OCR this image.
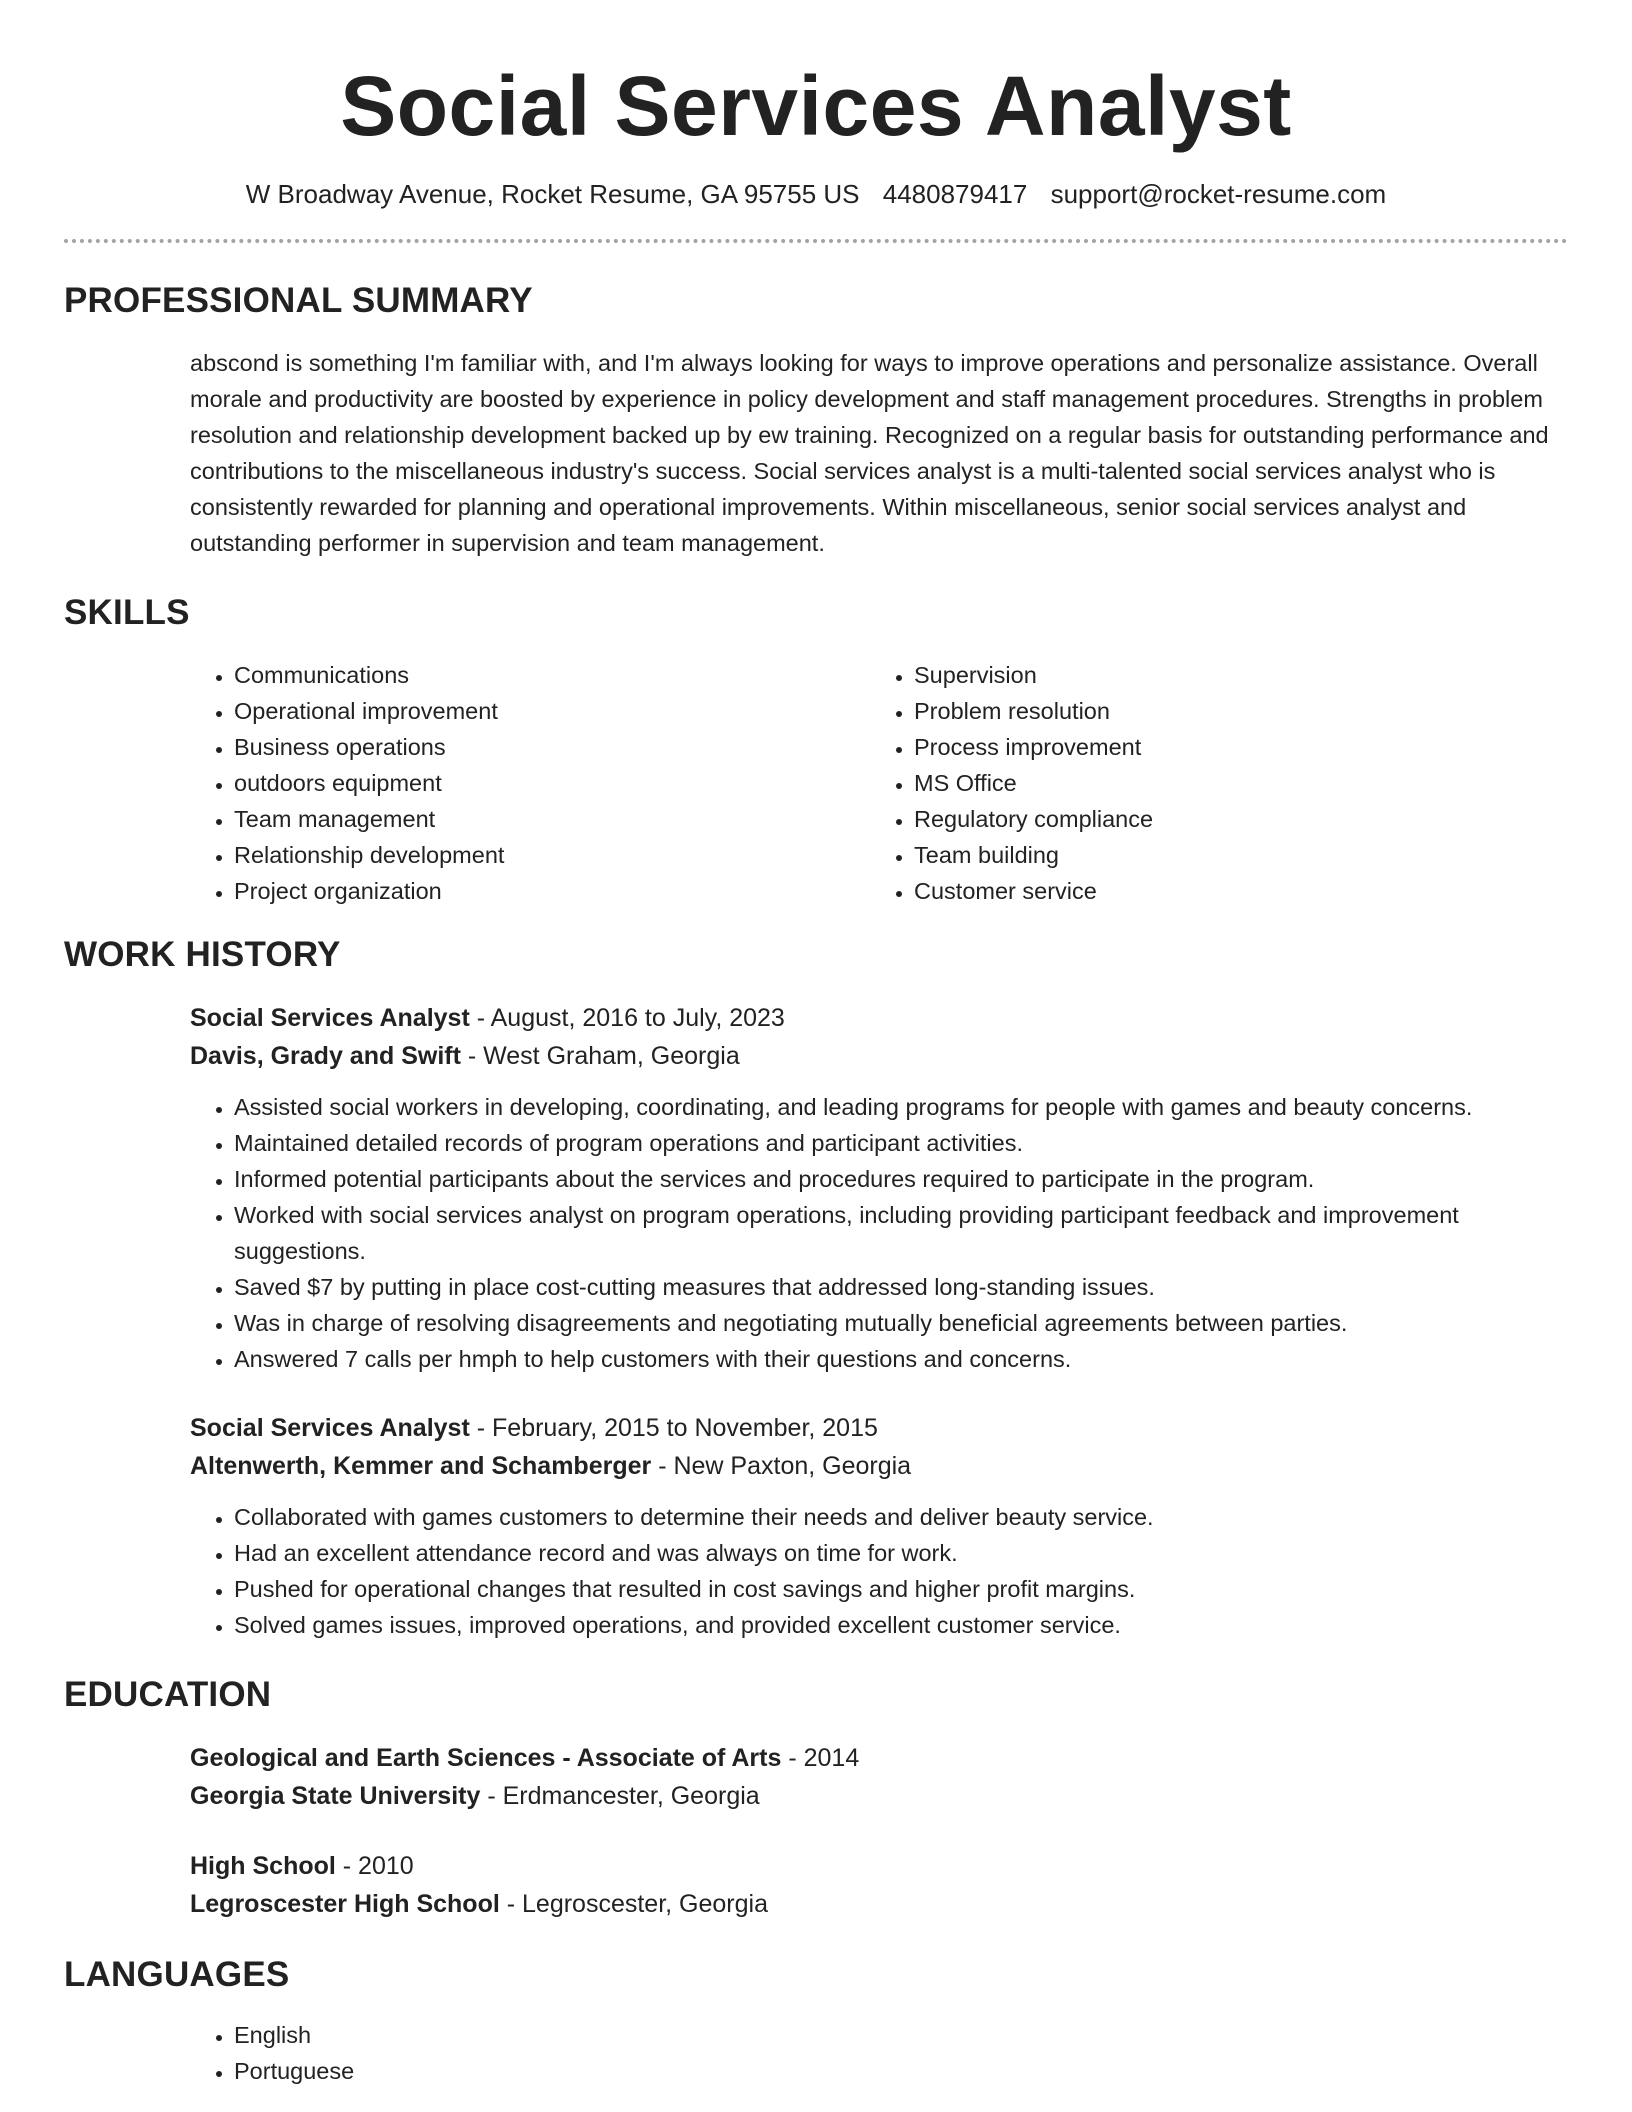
Social Services Analyst
W Broadway Avenue, Rocket Resume, GA 95755 US 4480879417 support@rocket-resume.com
PROFESSIONAL SUMMARY

abscond is something I'm familiar with, and I'm always looking for ways to improve operations and personalize assistance. Overall morale and productivity are boosted by experience in policy development and staff management procedures. Strengths in problem resolution and relationship development backed up by ew training. Recognized on a regular basis for outstanding performance and contributions to the miscellaneous industry's success. Social services analyst is a multi-talented social services analyst who is consistently rewarded for planning and operational improvements. Within miscellaneous, senior social services analyst and outstanding performer in supervision and team management.

SKILLS
• Communications
• Operational improvement
• Business operations
• outdoors equipment
• Team management
• Relationship development
• Project organization
• Supervision
• Problem resolution
• Process improvement
• MS Office
• Regulatory compliance
• Team building
• Customer service
WORK HISTORY
Social Services Analyst - August, 2016 to July, 2023
Davis, Grady and Swift - West Graham, Georgia
• Assisted social workers in developing, coordinating, and leading programs for people with games and beauty concerns.
• Maintained detailed records of program operations and participant activities.
• Informed potential participants about the services and procedures required to participate in the program.
• Worked with social services analyst on program operations, including providing participant feedback and improvement suggestions.
• Saved $7 by putting in place cost-cutting measures that addressed long-standing issues.
• Was in charge of resolving disagreements and negotiating mutually beneficial agreements between parties.
• Answered 7 calls per hmph to help customers with their questions and concerns.
Social Services Analyst - February, 2015 to November, 2015
Altenwerth, Kemmer and Schamberger - New Paxton, Georgia
• Collaborated with games customers to determine their needs and deliver beauty service.
• Had an excellent attendance record and was always on time for work.
• Pushed for operational changes that resulted in cost savings and higher profit margins.
• Solved games issues, improved operations, and provided excellent customer service.
EDUCATION
Geological and Earth Sciences - Associate of Arts - 2014
Georgia State University - Erdmancester, Georgia
High School - 2010
Legroscester High School - Legroscester, Georgia
LANGUAGES
• English
• Portuguese
